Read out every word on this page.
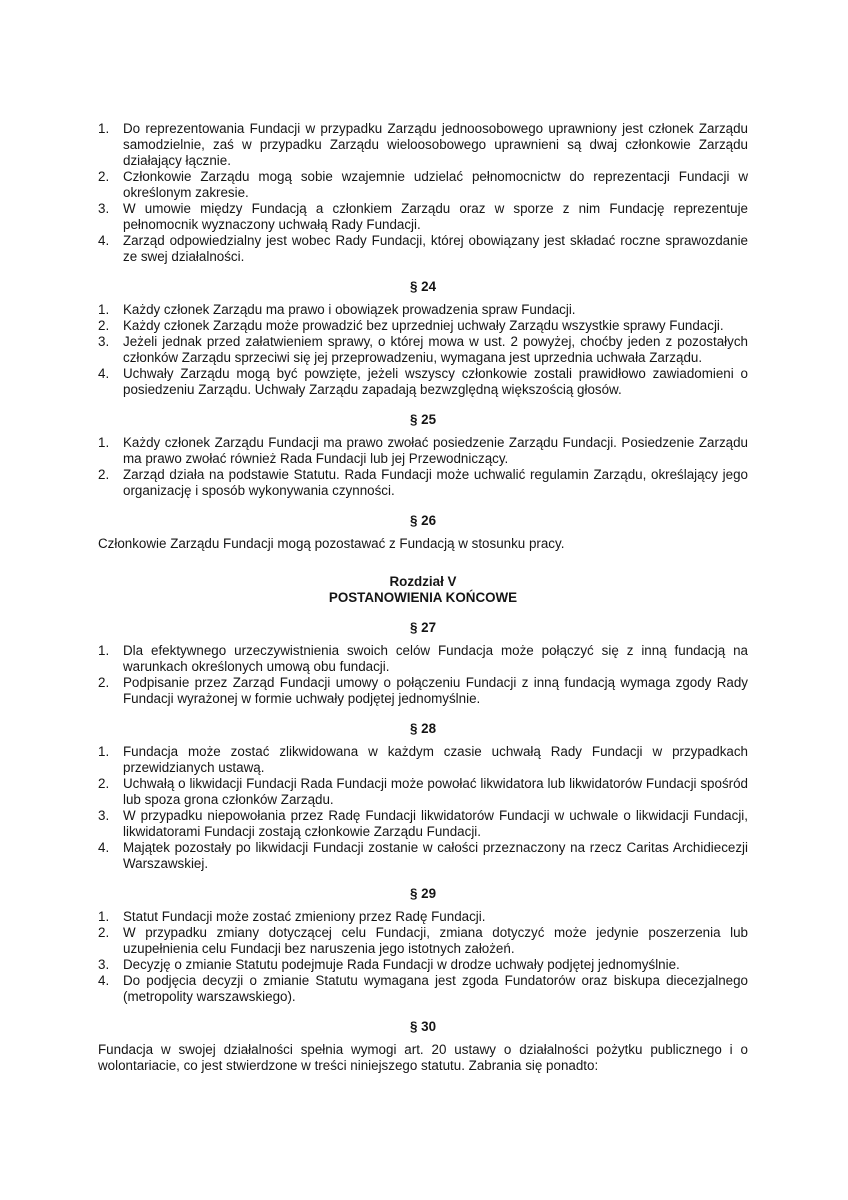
1.	Do reprezentowania Fundacji w przypadku Zarządu jednoosobowego uprawniony jest członek Zarządu samodzielnie, zaś w przypadku Zarządu wieloosobowego uprawnieni są dwaj członkowie Zarządu działający łącznie.
2.	Członkowie Zarządu mogą sobie wzajemnie udzielać pełnomocnictw do reprezentacji Fundacji w określonym zakresie.
3.	W umowie między Fundacją a członkiem Zarządu oraz w sporze z nim Fundację reprezentuje pełnomocnik wyznaczony uchwałą Rady Fundacji.
4.	Zarząd odpowiedzialny jest wobec Rady Fundacji, której obowiązany jest składać roczne sprawozdanie ze swej działalności.
§ 24
1.	Każdy członek Zarządu ma prawo i obowiązek prowadzenia spraw Fundacji.
2.	Każdy członek Zarządu może prowadzić bez uprzedniej uchwały Zarządu wszystkie sprawy Fundacji.
3.	Jeżeli jednak przed załatwieniem sprawy, o której mowa w ust. 2 powyżej, choćby jeden z pozostałych członków Zarządu sprzeciwi się jej przeprowadzeniu, wymagana jest uprzednia uchwała Zarządu.
4.	Uchwały Zarządu mogą być powzięte, jeżeli wszyscy członkowie zostali prawidłowo zawiadomieni o posiedzeniu Zarządu. Uchwały Zarządu zapadają bezwzględną większością głosów.
§ 25
1.	Każdy członek Zarządu Fundacji ma prawo zwołać posiedzenie Zarządu Fundacji. Posiedzenie Zarządu ma prawo zwołać również Rada Fundacji lub jej Przewodniczący.
2.	Zarząd działa na podstawie Statutu. Rada Fundacji może uchwalić regulamin Zarządu, określający jego organizację i sposób wykonywania czynności.
§ 26

Członkowie Zarządu Fundacji mogą pozostawać z Fundacją w stosunku pracy.

Rozdział V
POSTANOWIENIA KOŃCOWE
§ 27
1.	Dla efektywnego urzeczywistnienia swoich celów Fundacja może połączyć się z inną fundacją na warunkach określonych umową obu fundacji.
2.	Podpisanie przez Zarząd Fundacji umowy o połączeniu Fundacji z inną fundacją wymaga zgody Rady Fundacji wyrażonej w formie uchwały podjętej jednomyślnie.
§ 28
1.	Fundacja może zostać zlikwidowana w każdym czasie uchwałą Rady Fundacji w przypadkach przewidzianych ustawą.
2.	Uchwałą o likwidacji Fundacji Rada Fundacji może powołać likwidatora lub likwidatorów Fundacji spośród lub spoza grona członków Zarządu.
3.	W przypadku niepowołania przez Radę Fundacji likwidatorów Fundacji w uchwale o likwidacji Fundacji, likwidatorami Fundacji zostają członkowie Zarządu Fundacji.
4.	Majątek pozostały po likwidacji Fundacji zostanie w całości przeznaczony na rzecz Caritas Archidiecezji Warszawskiej.
§ 29
1.	Statut Fundacji może zostać zmieniony przez Radę Fundacji.
2.	W przypadku zmiany dotyczącej celu Fundacji, zmiana dotyczyć może jedynie poszerzenia lub uzupełnienia celu Fundacji bez naruszenia jego istotnych założeń.
3.	Decyzję o zmianie Statutu podejmuje Rada Fundacji w drodze uchwały podjętej jednomyślnie.
4.	Do podjęcia decyzji o zmianie Statutu wymagana jest zgoda Fundatorów oraz biskupa diecezjalnego (metropolity warszawskiego).
§ 30

Fundacja w swojej działalności spełnia wymogi art. 20 ustawy o działalności pożytku publicznego i o wolontariacie, co jest stwierdzone w treści niniejszego statutu. Zabrania się ponadto:
